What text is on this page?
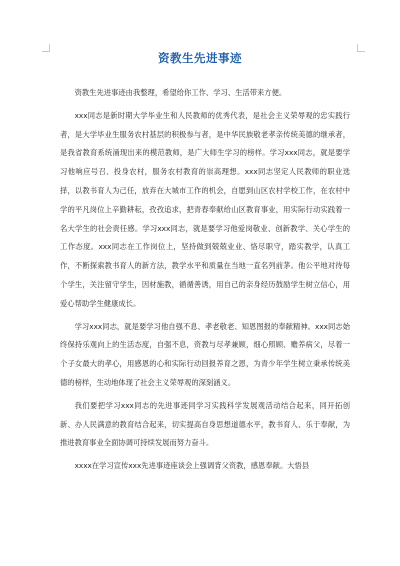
资教生先进事迹

资教生先进事迹由我整理，希望给你工作、学习、生活带来方便。

xxx同志是新时期大学毕业生和人民教师的优秀代表，是社会主义荣辱观的忠实践行者，是大学毕业生服务农村基层的积极参与者，是中华民族敬老孝亲传统美德的继承者，是我省教育系统涌现出来的模范教师，是广大师生学习的榜样。学习xxx同志，就是要学习他响应号召、投身农村，服务农村教育的崇高理想。xxx同志坚定人民教师的职业选择，以教书育人为己任，放弃在大城市工作的机会，自愿到山区农村学校工作，在农村中学的平凡岗位上辛勤耕耘，孜孜追求，把青春奉献给山区教育事业，用实际行动实践着一名大学生的社会责任感。学习xxx同志，就是要学习他爱岗敬业、创新教学、关心学生的工作态度。xxx同志在工作岗位上，坚持做到兢兢业业、恪尽职守，踏实教学，认真工作，不断探索教书育人的新方法，教学水平和质量在当地一直名列前茅。他公平地对待每个学生，关注留守学生，因材施教，循循善诱，用自己的亲身经历鼓励学生树立信心，用爱心帮助学生健康成长。

学习xxx同志，就是要学习他自强不息、孝老敬老、知恩图报的奉献精神。xxx同志始终保持乐观向上的生活态度，自强不息，资教与尽孝兼顾，细心照顾、赡养病父，尽着一个子女最大的孝心，用感恩的心和实际行动回报养育之恩，为青少年学生树立秉承传统美德的榜样，生动地体现了社会主义荣辱观的深刻涵义。

我们要把学习xxx同志的先进事迹同学习实践科学发展观活动结合起来，同开拓创新、办人民满意的教育结合起来，切实提高自身思想道德水平，教书育人、乐于奉献，为推进教育事业全面协调可持续发展而努力奋斗。

xxxx在学习宣传xxx先进事迹座谈会上强调背父资教，感恩奉献。大悟县
